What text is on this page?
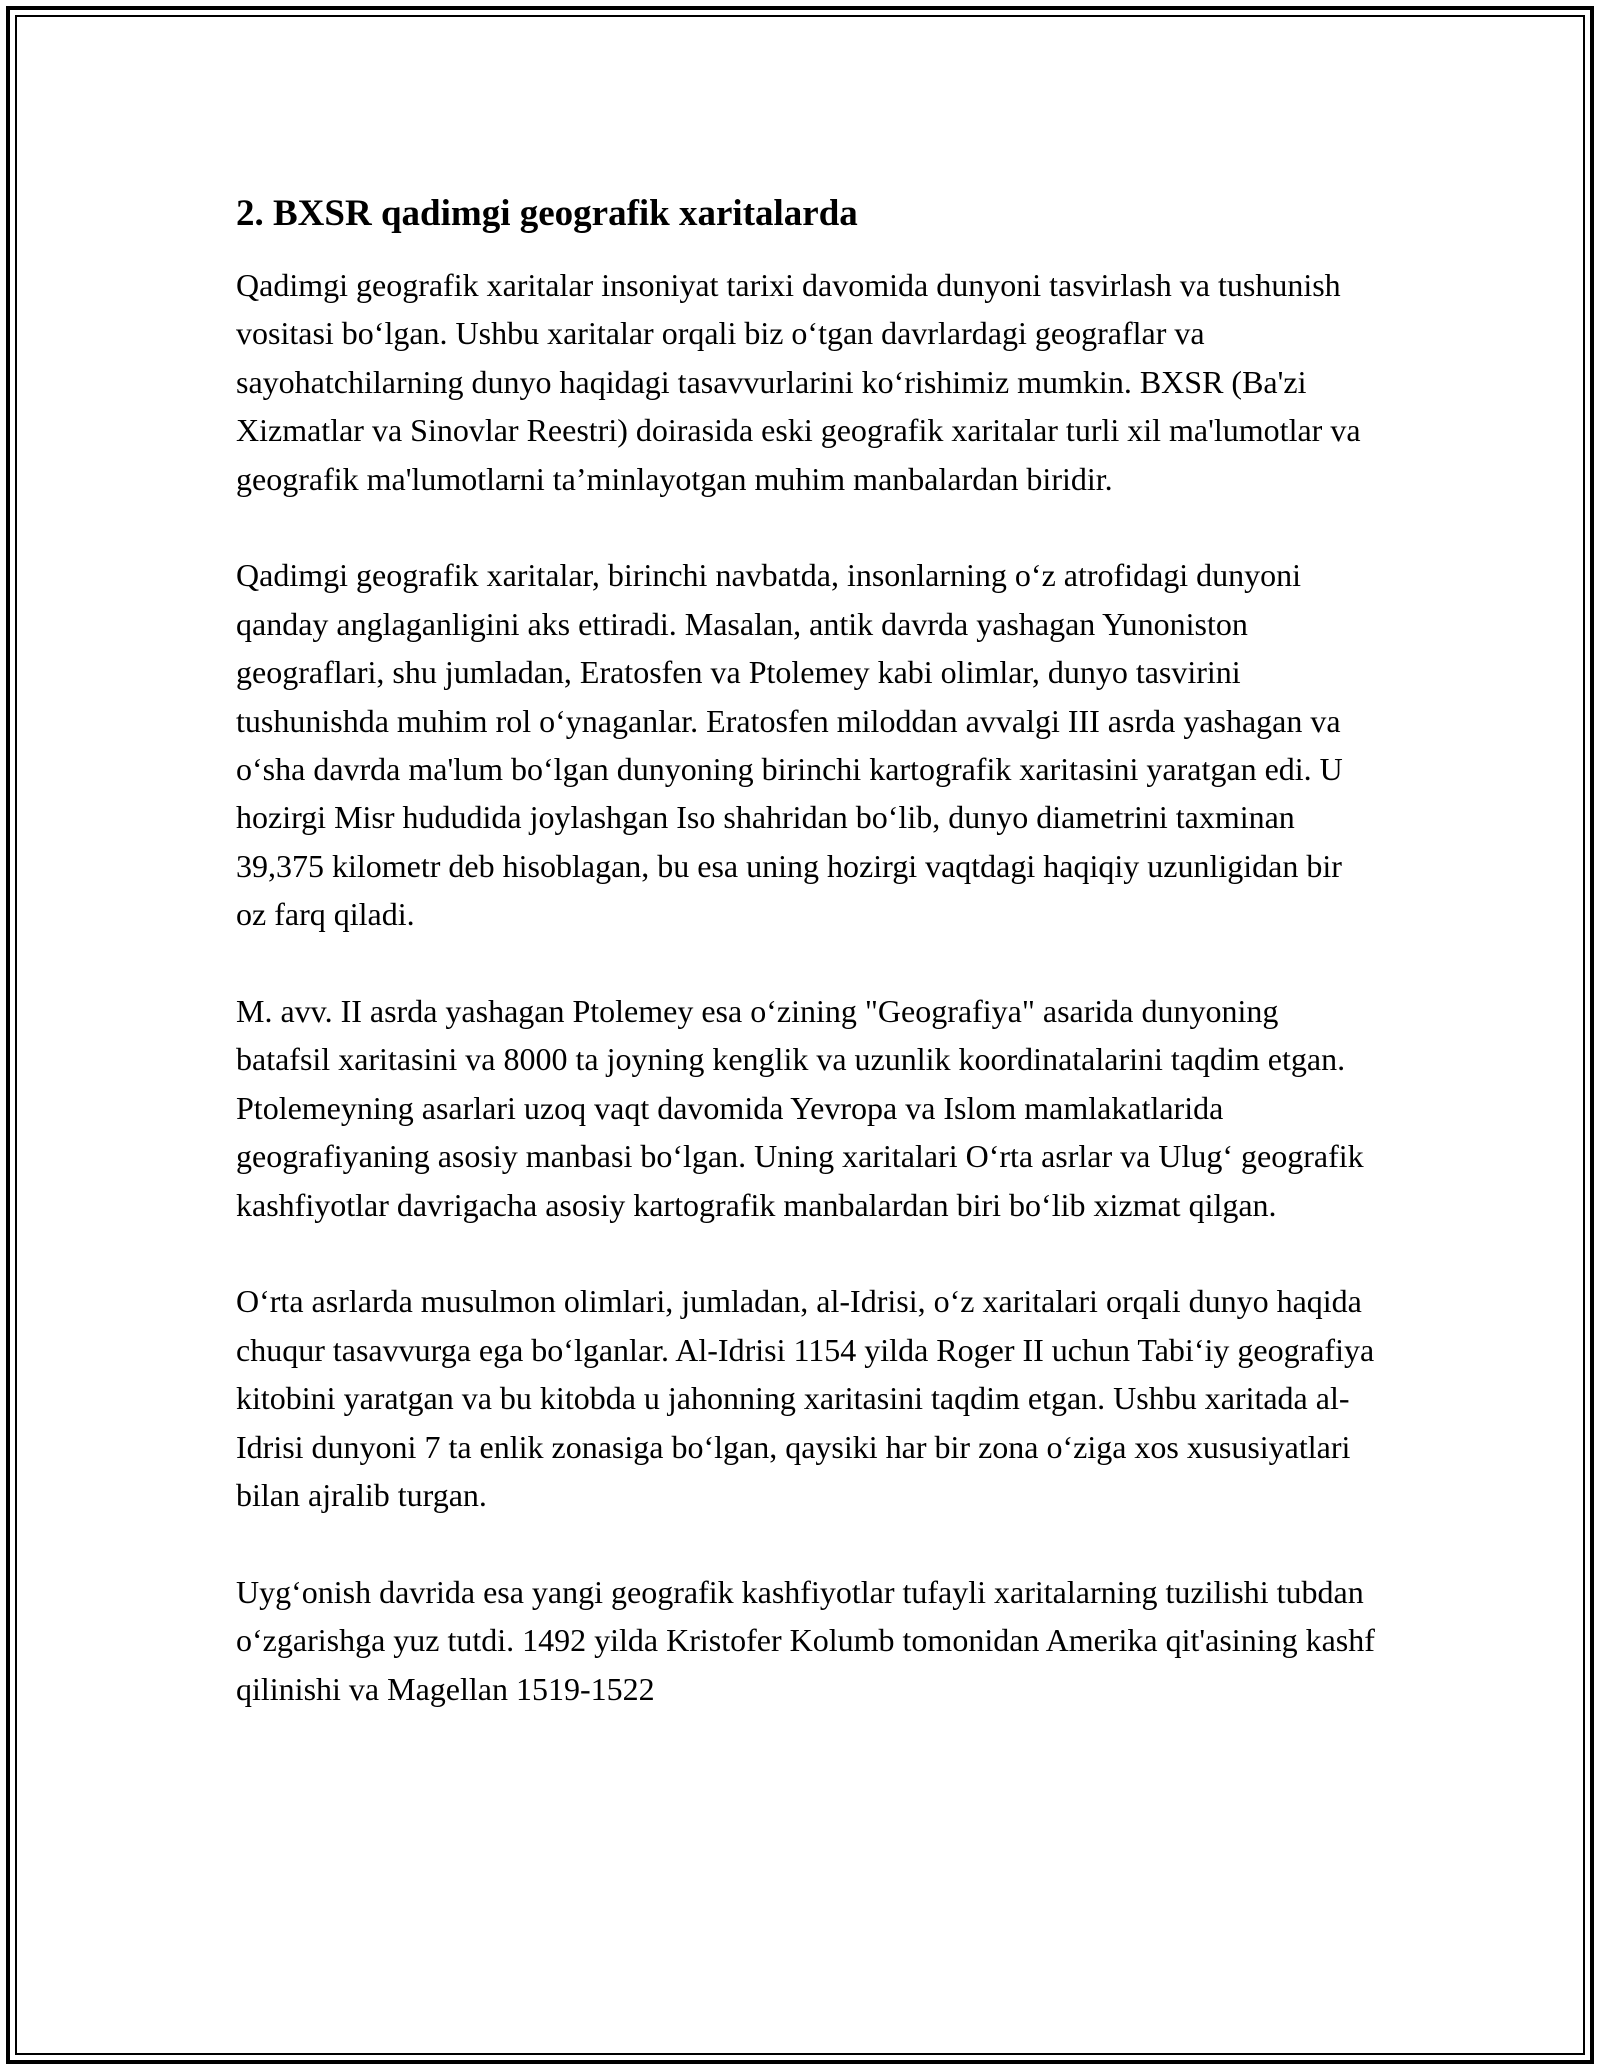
2. BXSR qadimgi geografik xaritalarda

Qadimgi geografik xaritalar insoniyat tarixi davomida dunyoni tasvirlash va tushunish vositasi bo‘lgan. Ushbu xaritalar orqali biz o‘tgan davrlardagi geograflar va sayohatchilarning dunyo haqidagi tasavvurlarini ko‘rishimiz mumkin. BXSR (Ba'zi Xizmatlar va Sinovlar Reestri) doirasida eski geografik xaritalar turli xil ma'lumotlar va geografik ma'lumotlarni ta’minlayotgan muhim manbalardan biridir.

Qadimgi geografik xaritalar, birinchi navbatda, insonlarning o‘z atrofidagi dunyoni qanday anglaganligini aks ettiradi. Masalan, antik davrda yashagan Yunoniston geograflari, shu jumladan, Eratosfen va Ptolemey kabi olimlar, dunyo tasvirini tushunishda muhim rol o‘ynaganlar. Eratosfen miloddan avvalgi III asrda yashagan va o‘sha davrda ma'lum bo‘lgan dunyoning birinchi kartografik xaritasini yaratgan edi. U hozirgi Misr hududida joylashgan Iso shahridan bo‘lib, dunyo diametrini taxminan 39,375 kilometr deb hisoblagan, bu esa uning hozirgi vaqtdagi haqiqiy uzunligidan bir oz farq qiladi.

M. avv. II asrda yashagan Ptolemey esa o‘zining "Geografiya" asarida dunyoning batafsil xaritasini va 8000 ta joyning kenglik va uzunlik koordinatalarini taqdim etgan. Ptolemeyning asarlari uzoq vaqt davomida Yevropa va Islom mamlakatlarida geografiyaning asosiy manbasi bo‘lgan. Uning xaritalari O‘rta asrlar va Ulug‘ geografik kashfiyotlar davrigacha asosiy kartografik manbalardan biri bo‘lib xizmat qilgan.

O‘rta asrlarda musulmon olimlari, jumladan, al-Idrisi, o‘z xaritalari orqali dunyo haqida chuqur tasavvurga ega bo‘lganlar. Al-Idrisi 1154 yilda Roger II uchun Tabi‘iy geografiya kitobini yaratgan va bu kitobda u jahonning xaritasini taqdim etgan. Ushbu xaritada al-Idrisi dunyoni 7 ta enlik zonasiga bo‘lgan, qaysiki har bir zona o‘ziga xos xususiyatlari bilan ajralib turgan.

Uyg‘onish davrida esa yangi geografik kashfiyotlar tufayli xaritalarning tuzilishi tubdan o‘zgarishga yuz tutdi. 1492 yilda Kristofer Kolumb tomonidan Amerika qit'asining kashf qilinishi va Magellan 1519-1522
